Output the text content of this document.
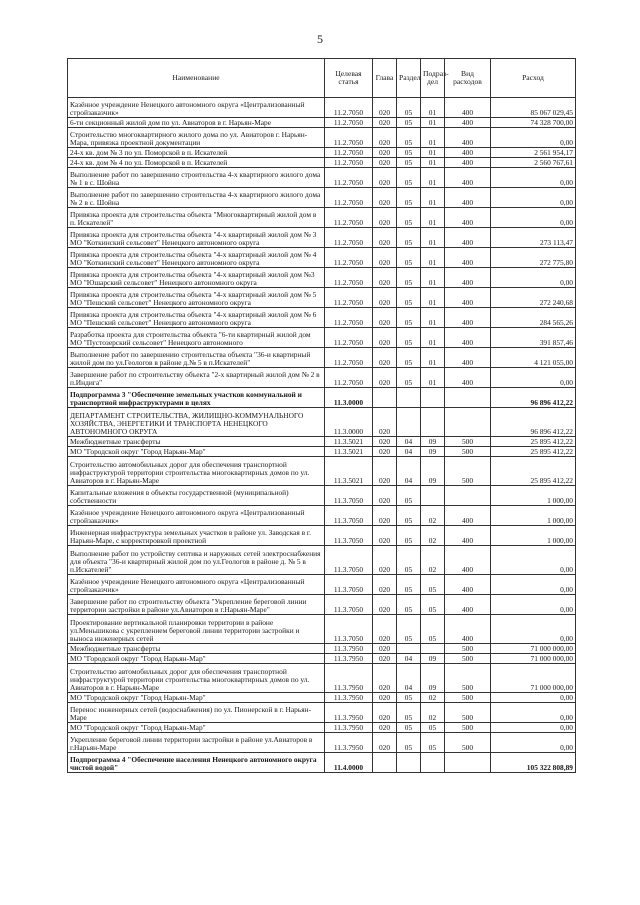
5
Наименование	Целевая статья	Глава	Раздел	Подраз-дел	Вид расходов	Расход
Казённое учреждение Ненецкого автономного округа «Централизованный стройзаказчик»	11.2.7050	020	05	01	400	85 067 029,45
6-ти секционный жилой дом по ул. Авиаторов в г. Нарьян-Маре	11.2.7050	020	05	01	400	74 328 700,00
Строительство многоквартирного жилого дома по ул. Авиаторов г. Нарьян-Мара, привязка проектной документации	11.2.7050	020	05	01	400	0,00
24-х кв. дом № 3 по ул. Поморской в п. Искателей	11.2.7050	020	05	01	400	2 561 954,17
24-х кв. дом № 4 по ул. Поморской в п. Искателей	11.2.7050	020	05	01	400	2 560 767,61
Выполнение работ по завершению строительства 4-х квартирного жилого дома № 1 в с. Шойна	11.2.7050	020	05	01	400	0,00
Выполнение работ по завершению строительства 4-х квартирного жилого дома № 2 в с. Шойна	11.2.7050	020	05	01	400	0,00
Привязка проекта для строительства объекта "Многоквартирный жилой дом в п. Искателей"	11.2.7050	020	05	01	400	0,00
Привязка проекта для строительства объекта "4-х квартирный жилой дом № 3 МО "Коткинский сельсовет" Ненецкого автономного округа	11.2.7050	020	05	01	400	273 113,47
Привязка проекта для строительства объекта "4-х квартирный жилой дом № 4 МО "Коткинский сельсовет" Ненецкого автономного округа	11.2.7050	020	05	01	400	272 775,80
Привязка проекта для строительства объекта "4-х квартирный жилой дом №3 МО "Юшарский сельсовет" Ненецкого автономного округа	11.2.7050	020	05	01	400	0,00
Привязка проекта для строительства объекта "4-х квартирный жилой дом № 5 МО "Пешский сельсовет" Ненецкого автономного округа	11.2.7050	020	05	01	400	272 240,68
Привязка проекта для строительства объекта "4-х квартирный жилой дом № 6 МО "Пешский сельсовет" Ненецкого автономного округа	11.2.7050	020	05	01	400	284 565,26
Разработка проекта для строительства объекта "6-ти квартирный жилой дом МО "Пустозерский сельсовет" Ненецкого автономного	11.2.7050	020	05	01	400	391 857,46
Выполнение работ по завершению строительства объекта "36-и квартирный жилой дом по ул.Геологов в районе д.№ 5 в п.Искателей"	11.2.7050	020	05	01	400	4 121 055,00
Завершение работ по строительству объекта "2-х квартирный жилой дом № 2 в п.Индига"	11.2.7050	020	05	01	400	0,00
Подпрограмма 3 "Обеспечение земельных участков коммунальной и транспортной инфраструктурами в целях	11.3.0000					96 896 412,22
ДЕПАРТАМЕНТ СТРОИТЕЛЬСТВА, ЖИЛИЩНО-КОММУНАЛЬНОГО ХОЗЯЙСТВА, ЭНЕРГЕТИКИ И ТРАНСПОРТА НЕНЕЦКОГО АВТОНОМНОГО ОКРУГА	11.3.0000	020				96 896 412,22
Межбюджетные трансферты	11.3.5021	020	04	09	500	25 895 412,22
МО "Городской округ "Город Нарьян-Мар"	11.3.5021	020	04	09	500	25 895 412,22
Строительство автомобильных дорог для обеспечения транспортной инфраструктурой территории строительства многоквартирных домов по ул. Авиаторов в г. Нарьян-Маре	11.3.5021	020	04	09	500	25 895 412,22
Капитальные вложения в объекты государственной (муниципальной) собственности	11.3.7050	020	05			1 000,00
Казённое учреждение Ненецкого автономного округа «Централизованный стройзаказчик»	11.3.7050	020	05	02	400	1 000,00
Инженерная инфраструктура земельных участков в районе ул. Заводская в г. Нарьян-Маре, с корректировкой проектной	11.3.7050	020	05	02	400	1 000,00
Выполнение работ по устройству септика и наружных сетей электроснабжения для объекта "36-и квартирный жилой дом по ул.Геологов в районе д. № 5 в п.Искателей"	11.3.7050	020	05	02	400	0,00
Казённое учреждение Ненецкого автономного округа «Централизованный стройзаказчик»	11.3.7050	020	05	05	400	0,00
Завершение работ по строительству объекта "Укрепление береговой линии территории застройки в районе ул.Авиаторов в г.Нарьян-Маре"	11.3.7050	020	05	05	400	0,00
Проектирование вертикальной планировки территории в районе ул.Меньшикова с укреплением береговой линии территории застройки и выноса инженерных сетей	11.3.7050	020	05	05	400	0,00
Межбюджетные трансферты	11.3.7950	020			500	71 000 000,00
МО "Городской округ "Город Нарьян-Мар"	11.3.7950	020	04	09	500	71 000 000,00
Строительство автомобильных дорог для обеспечения транспортной инфраструктурой территории строительства многоквартирных домов по ул. Авиаторов в г. Нарьян-Маре	11.3.7950	020	04	09	500	71 000 000,00
МО "Городской округ "Город Нарьян-Мар"	11.3.7950	020	05	02	500	0,00
Перенос инженерных сетей (водоснабжения) по ул. Пионерской в г. Нарьян-Маре	11.3.7950	020	05	02	500	0,00
МО "Городской округ "Город Нарьян-Мар"	11.3.7950	020	05	05	500	0,00
Укрепление береговой линии территории застройки в районе ул.Авиаторов в г.Нарьян-Маре	11.3.7950	020	05	05	500	0,00
Подпрограмма 4 "Обеспечение населения Ненецкого автономного округа чистой водой"	11.4.0000					105 322 808,89
